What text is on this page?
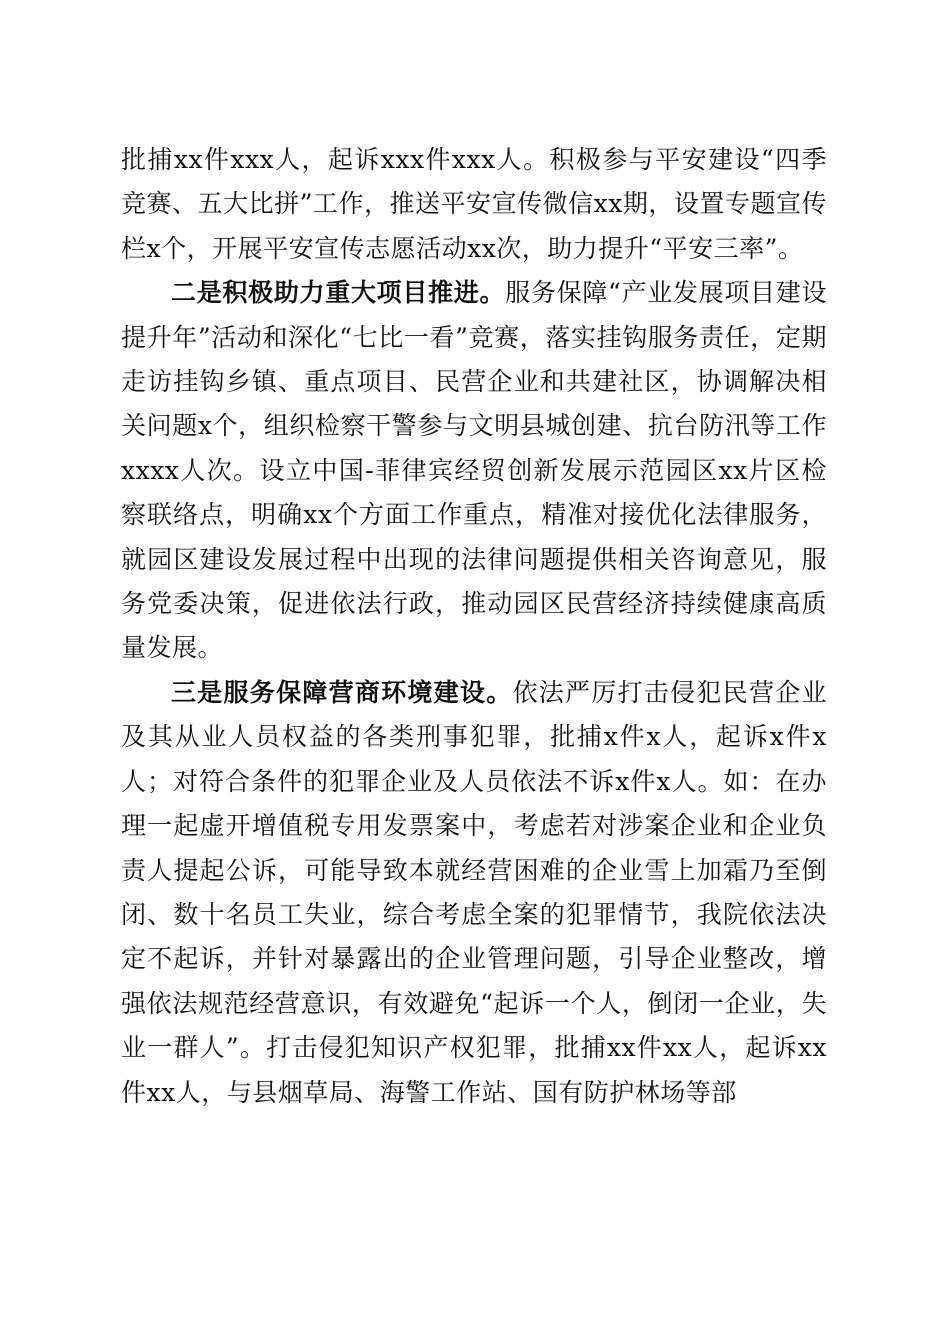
批捕xx件xxx人，起诉xxx件xxx人。积极参与平安建设“四季竞赛、五大比拼”工作，推送平安宣传微信xx期，设置专题宣传栏x个，开展平安宣传志愿活动xx次，助力提升“平安三率”。

二是积极助力重大项目推进。服务保障“产业发展项目建设提升年”活动和深化“七比一看”竞赛，落实挂钩服务责任，定期走访挂钩乡镇、重点项目、民营企业和共建社区，协调解决相关问题x个，组织检察干警参与文明县城创建、抗台防汛等工作xxxx人次。设立中国-菲律宾经贸创新发展示范园区xx片区检察联络点，明确xx个方面工作重点，精准对接优化法律服务，就园区建设发展过程中出现的法律问题提供相关咨询意见，服务党委决策，促进依法行政，推动园区民营经济持续健康高质量发展。

三是服务保障营商环境建设。依法严厉打击侵犯民营企业及其从业人员权益的各类刑事犯罪，批捕x件x人，起诉x件x人；对符合条件的犯罪企业及人员依法不诉x件x人。如：在办理一起虚开增值税专用发票案中，考虑若对涉案企业和企业负责人提起公诉，可能导致本就经营困难的企业雪上加霜乃至倒闭、数十名员工失业，综合考虑全案的犯罪情节，我院依法决定不起诉，并针对暴露出的企业管理问题，引导企业整改，增强依法规范经营意识，有效避免“起诉一个人，倒闭一企业，失业一群人”。打击侵犯知识产权犯罪，批捕xx件xx人，起诉xx件xx人，与县烟草局、海警工作站、国有防护林场等部
